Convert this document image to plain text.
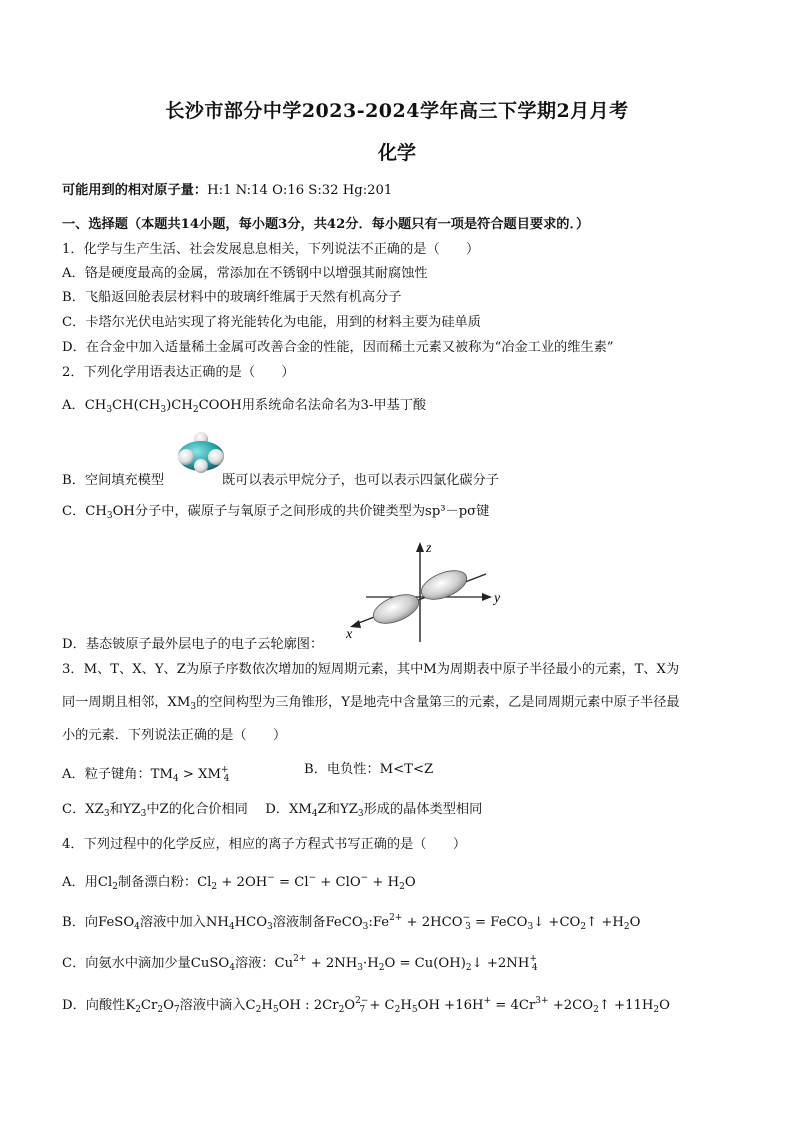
长沙市部分中学2023-2024学年高三下学期2月月考
化学
可能用到的相对原子量：H:1 N:14 O:16 S:32 Hg:201
一、选择题（本题共14小题，每小题3分，共42分．每小题只有一项是符合题目要求的．）
1．化学与生产生活、社会发展息息相关，下列说法不正确的是（　　）
A．铬是硬度最高的金属，常添加在不锈钢中以增强其耐腐蚀性
B．飞船返回舱表层材料中的玻璃纤维属于天然有机高分子
C．卡塔尔光伏电站实现了将光能转化为电能，用到的材料主要为硅单质
D．在合金中加入适量稀土金属可改善合金的性能，因而稀土元素又被称为“冶金工业的维生素”
2．下列化学用语表达正确的是（　　）
A．$CH_3CH(CH_3)CH_2COOH$用系统命名法命名为3-甲基丁酸
B．空间填充模型	既可以表示甲烷分子，也可以表示四氯化碳分子
C．$CH_3OH$分子中，碳原子与氧原子之间形成的共价键类型为sp³－pσ键
z
y
x
D．基态铍原子最外层电子的电子云轮廓图：
3．M、T、X、Y、Z为原子序数依次增加的短周期元素，其中M为周期表中原子半径最小的元素，T、X为
同一周期且相邻，$XM_3$的空间构型为三角锥形，Y是地壳中含量第三的元素，乙是同周期元素中原子半径最
小的元素．下列说法正确的是（　　）
A．粒子键角：$TM_4 > XM^+_4$
B．电负性：M<T<Z
C．$XZ_3$和$YZ_3$中Z的化合价相同　 D．$XM_4Z$和$YZ_3$形成的晶体类型相同
4．下列过程中的化学反应，相应的离子方程式书写正确的是（　　）
A．用$Cl_2$制备漂白粉：$Cl_2 + 2OH^- = Cl^- + ClO^- + H_2O$
B．向FeSO$_4$溶液中加入$NH_4HCO_3$溶液制备$FeCO_3:Fe^{2+} + 2HCO^-_3$ = FeCO$_3$↓ $+CO_2↑ +H_2O$
C．向氨水中滴加少量CuSO$_4$溶液：$Cu^{2+} + 2NH_3\cdot H_2O$ = $Cu(OH)_2↓ +2NH^+_4$
D．向酸性$K_2Cr_2O_7$溶液中滴入$C_2H_5OH$ : $2Cr_2O^{2-}_7 + C_2H_5OH +16H^+ = 4Cr^{3+}$ $+2CO_2↑ +11H_2O$
